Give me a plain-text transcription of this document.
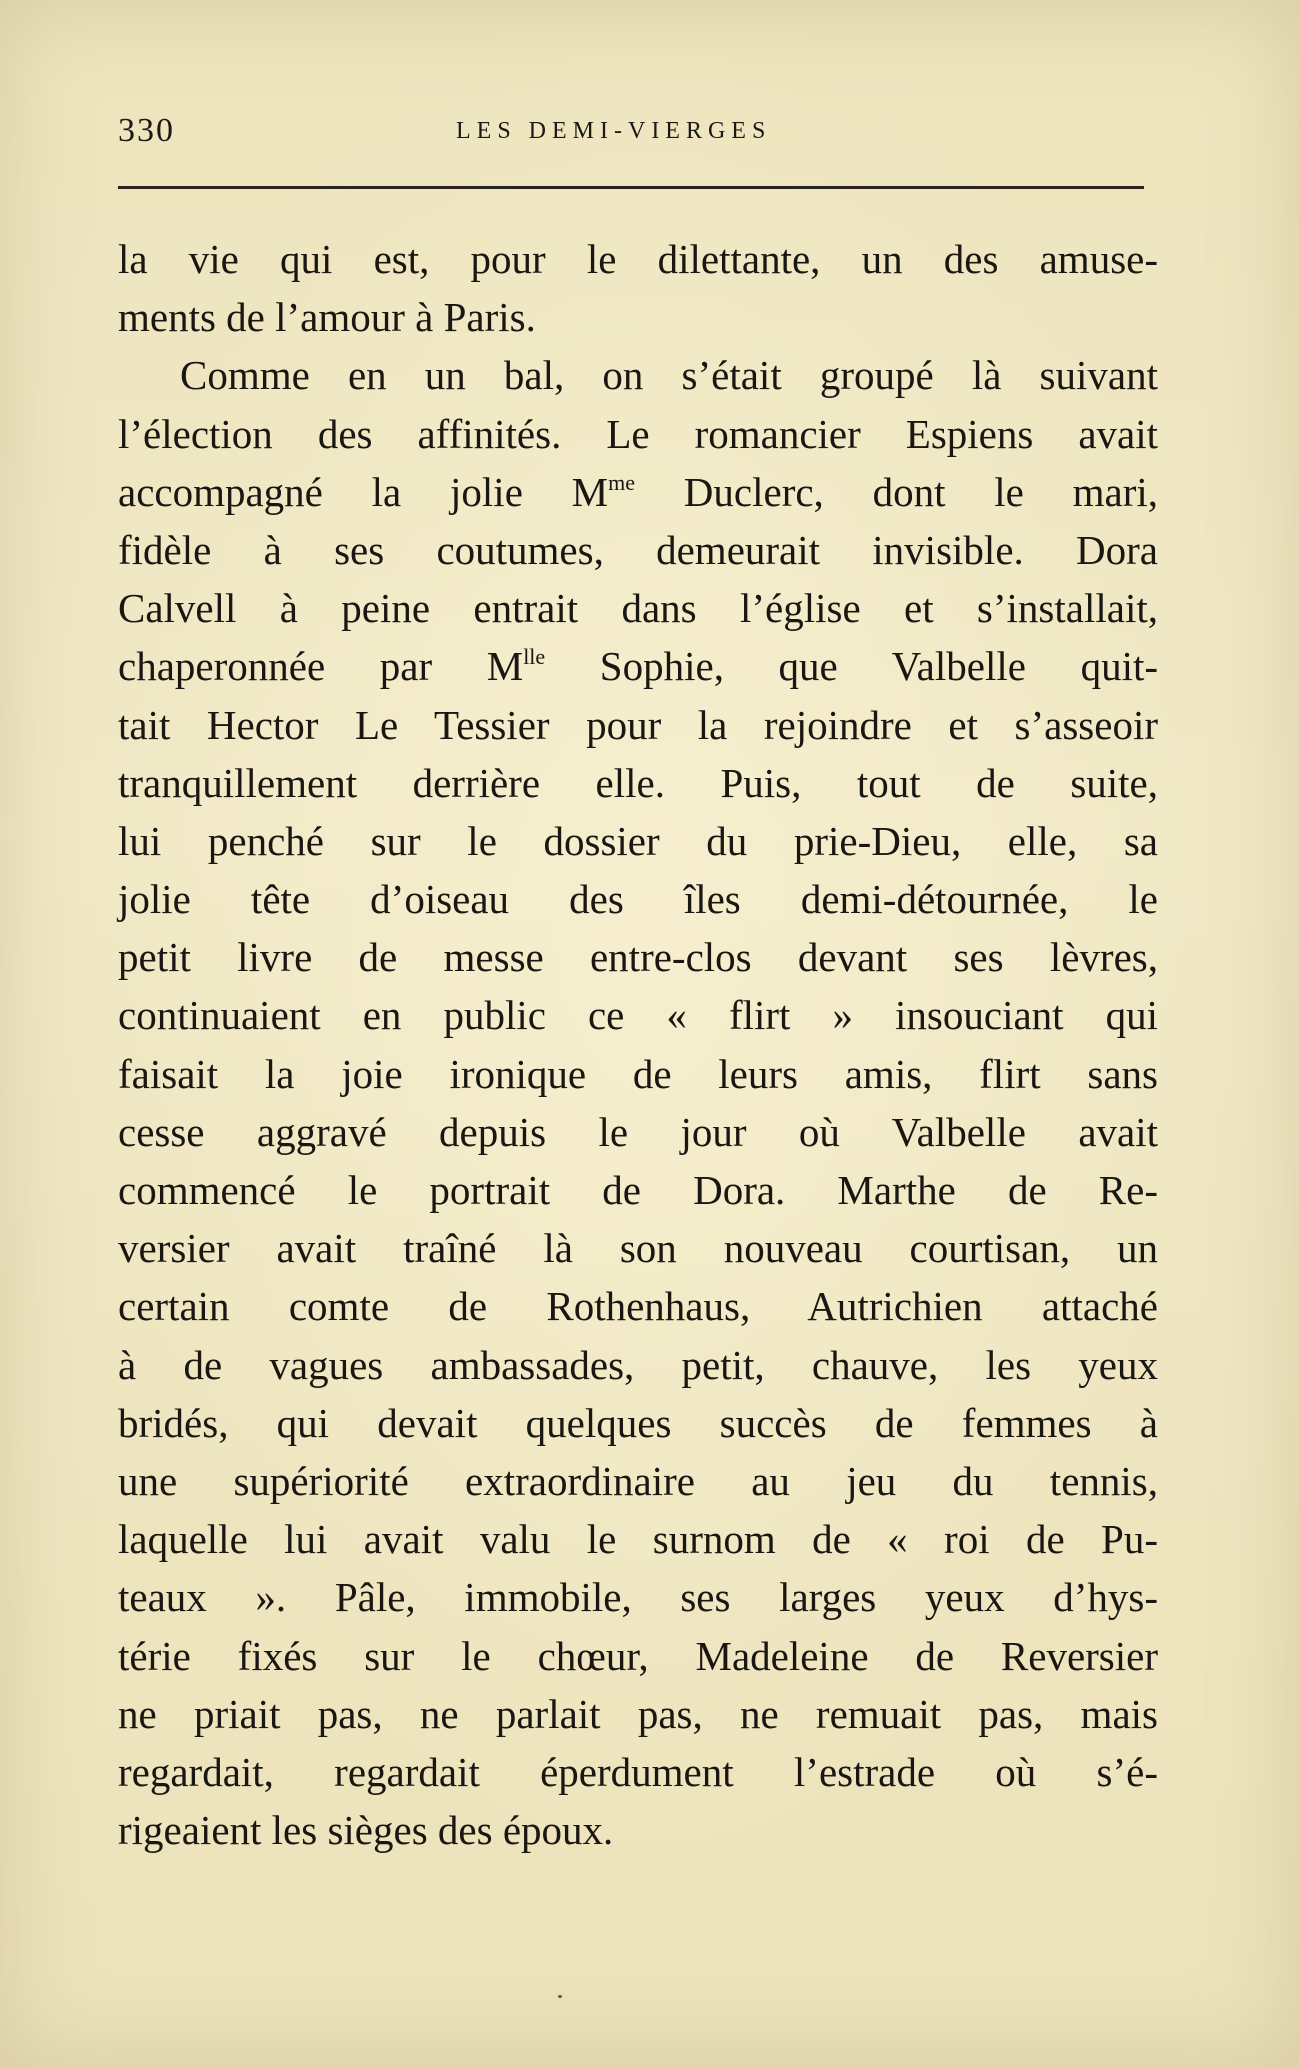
330	LES DEMI-VIERGES
la vie qui est, pour le dilettante, un des amuse-
ments de l’amour à Paris.
Comme en un bal, on s’était groupé là suivant
l’élection des affinités. Le romancier Espiens avait
accompagné la jolie $M^{me}$ Duclerc, dont le mari,
fidèle à ses coutumes, demeurait invisible. Dora
Calvell à peine entrait dans l’église et s’installait,
chaperonnée par $M^{lle}$ Sophie, que Valbelle quit-
tait Hector Le Tessier pour la rejoindre et s’asseoir
tranquillement derrière elle. Puis, tout de suite,
lui penché sur le dossier du prie-Dieu, elle, sa
jolie tête d’oiseau des îles demi-détournée, le
petit livre de messe entre-clos devant ses lèvres,
continuaient en public ce « flirt » insouciant qui
faisait la joie ironique de leurs amis, flirt sans
cesse aggravé depuis le jour où Valbelle avait
commencé le portrait de Dora. Marthe de Re-
versier avait traîné là son nouveau courtisan, un
certain comte de Rothenhaus, Autrichien attaché
à de vagues ambassades, petit, chauve, les yeux
bridés, qui devait quelques succès de femmes à
une supériorité extraordinaire au jeu du tennis,
laquelle lui avait valu le surnom de « roi de Pu-
teaux ». Pâle, immobile, ses larges yeux d’hys-
térie fixés sur le chœur, Madeleine de Reversier
ne priait pas, ne parlait pas, ne remuait pas, mais
regardait, regardait éperdument l’estrade où s’é-
rigeaient les sièges des époux.
